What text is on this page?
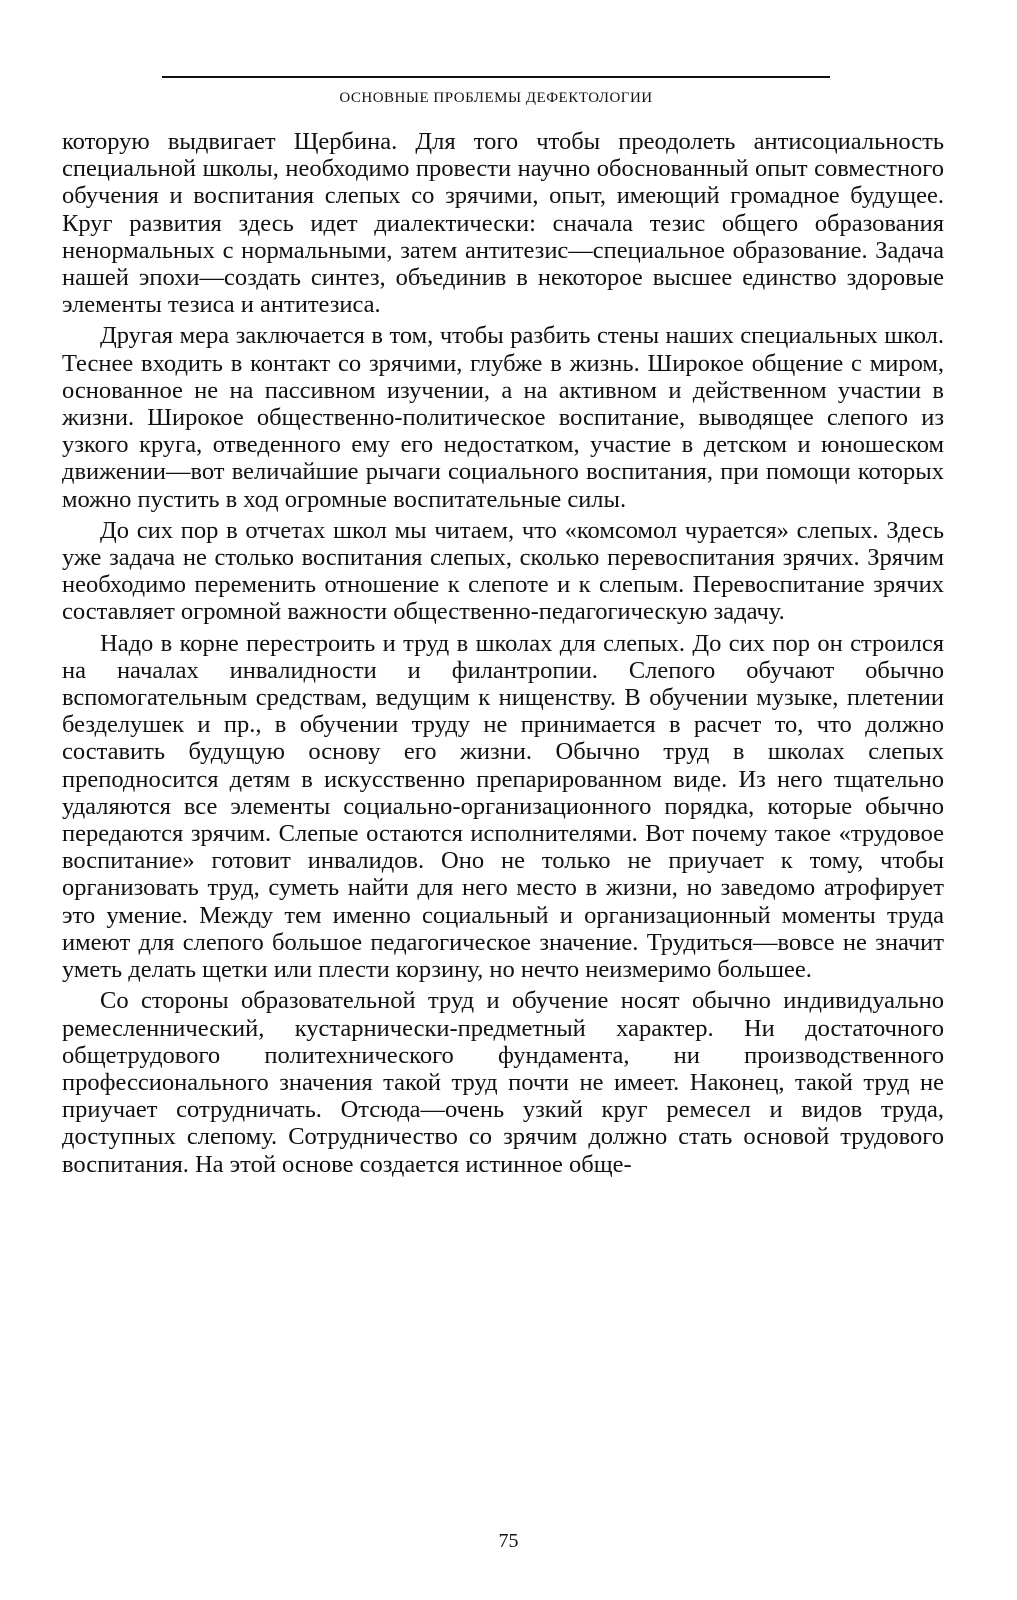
ОСНОВНЫЕ ПРОБЛЕМЫ ДЕФЕКТОЛОГИИ

которую выдвигает Щербина. Для того чтобы преодолеть антисоциальность специальной школы, необходимо провести научно обоснованный опыт совместного обучения и воспитания слепых со зрячими, опыт, имеющий громадное будущее. Круг развития здесь идет диалектически: сначала тезис общего образования ненормальных с нормальными, затем антитезис—специальное образование. Задача нашей эпохи—создать синтез, объединив в некоторое высшее единство здоровые элементы тезиса и антитезиса.

Другая мера заключается в том, чтобы разбить стены наших специальных школ. Теснее входить в контакт со зрячими, глубже в жизнь. Широкое общение с миром, основанное не на пассивном изучении, а на активном и действенном участии в жизни. Широкое общественно-политическое воспитание, выводящее слепого из узкого круга, отведенного ему его недостатком, участие в детском и юношеском движении—вот величайшие рычаги социального воспитания, при помощи которых можно пустить в ход огромные воспитательные силы.

До сих пор в отчетах школ мы читаем, что «комсомол чурается» слепых. Здесь уже задача не столько воспитания слепых, сколько перевоспитания зрячих. Зрячим необходимо переменить отношение к слепоте и к слепым. Перевоспитание зрячих составляет огромной важности общественно-педагогическую задачу.

Надо в корне перестроить и труд в школах для слепых. До сих пор он строился на началах инвалидности и филантропии. Слепого обучают обычно вспомогательным средствам, ведущим к нищенству. В обучении музыке, плетении безделушек и пр., в обучении труду не принимается в расчет то, что должно составить будущую основу его жизни. Обычно труд в школах слепых преподносится детям в искусственно препарированном виде. Из него тщательно удаляются все элементы социально-организационного порядка, которые обычно передаются зрячим. Слепые остаются исполнителями. Вот почему такое «трудовое воспитание» готовит инвалидов. Оно не только не приучает к тому, чтобы организовать труд, суметь найти для него место в жизни, но заведомо атрофирует это умение. Между тем именно социальный и организационный моменты труда имеют для слепого большое педагогическое значение. Трудиться—вовсе не значит уметь делать щетки или плести корзину, но нечто неизмеримо большее.

Со стороны образовательной труд и обучение носят обычно индивидуально ремесленнический, кустарнически-предметный характер. Ни достаточного общетрудового политехнического фундамента, ни производственного профессионального значения такой труд почти не имеет. Наконец, такой труд не приучает сотрудничать. Отсюда—очень узкий круг ремесел и видов труда, доступных слепому. Сотрудничество со зрячим должно стать основой трудового воспитания. На этой основе создается истинное обще-

75
